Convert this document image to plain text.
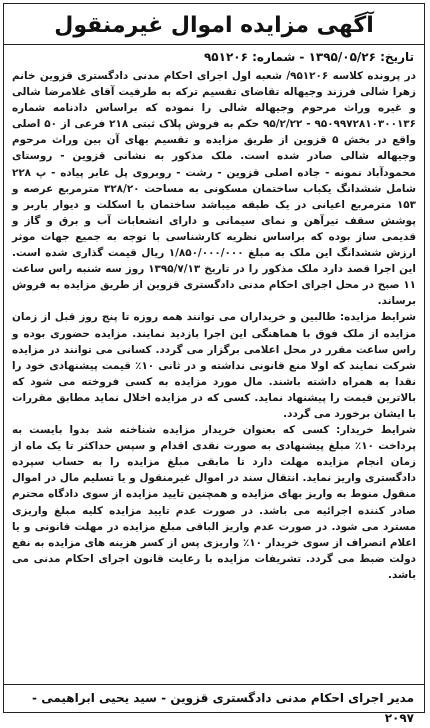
آگهی مزایده اموال غیرمنقول
تاریخ: ۱۳۹۵/۰۵/۲۶ - شماره: ۹۵۱۲۰۶

در پرونده کلاسه ۹۵۱۲۰۶/ شعبه اول اجرای احکام مدنی دادگستری قزوین خانم زهرا شالی فرزند وجیهاله تقاضای تقسیم ترکه به طرفیت آقای غلامرضا شالی و غیره وراث مرحوم وجیهاله شالی را نموده که براساس دادنامه شماره ۹۵۰۹۹۷۲۸۱۰۳۰۰۱۳۶ - ۹۵/۲/۲۲ حکم به فروش پلاک ثبتی ۲۱۸ فرعی از ۵۰ اصلی واقع در بخش ۵ قزوین از طریق مزایده و تقسیم بهای آن بین وراث مرحوم وجیهاله شالی صادر شده است. ملک مذکور به نشانی قزوین - روستای محمودآباد نمونه - جاده اصلی قزوین - رشت - روبروی پل عابر پیاده - پ ۲۲۸ شامل ششدانگ یکباب ساختمان مسکونی به مساحت ۳۲۸/۲۰ مترمربع عرصه و ۱۵۳ مترمربع اعیانی در یک طبقه میباشد ساختمان با اسکلت و دیوار باربر و پوشش سقف تیرآهن و نمای سیمانی و دارای انشعابات آب و برق و گاز و قدیمی ساز بوده که براساس نظریه کارشناسی با توجه به جمیع جهات موثر ارزش ششدانگ این ملک به مبلغ ۱/۸۵۰/۰۰۰/۰۰۰ ریال قیمت گذاری شده است. این اجرا قصد دارد ملک مذکور را در تاریخ ۱۳۹۵/۷/۱۳ روز سه شنبه راس ساعت ۱۱ صبح در محل اجرای احکام مدنی دادگستری قزوین از طریق مزایده به فروش برساند.

شرایط مزایده: طالبین و خریداران می توانند همه روزه تا پنج روز قبل از زمان مزایده از ملک فوق با هماهنگی این اجرا بازدید نمایند. مزایده حضوری بوده و راس ساعت مقرر در محل اعلامی برگزار می گردد. کسانی می توانند در مزایده شرکت نمایند که اولا منع قانونی نداشته و در ثانی ۱۰٪ قیمت پیشنهادی خود را نقدا به همراه داشته باشند. مال مورد مزایده به کسی فروخته می شود که بالاترین قیمت را پیشنهاد نماید. کسی که در مزایده اخلال نماید مطابق مقررات با ایشان برخورد می گردد.

شرایط خریدار: کسی که بعنوان خریدار مزایده شناخته شد بدوا بایست به پرداخت ۱۰٪ مبلغ پیشنهادی به صورت نقدی اقدام و سپس حداکثر تا یک ماه از زمان انجام مزایده مهلت دارد تا مابقی مبلغ مزایده را به حساب سپرده دادگستری واریز نماید. انتقال سند در اموال غیرمنقول و یا تسلیم مال در اموال منقول منوط به واریز بهای مزایده و همچنین تایید مزایده از سوی دادگاه محترم صادر کننده اجرائیه می باشد. در صورت عدم تایید مزایده کلیه مبلغ واریزی مسترد می شود. در صورت عدم واریز الباقی مبلغ مزایده در مهلت قانونی و یا اعلام انصراف از سوی خریدار ۱۰٪ واریزی پس از کسر هزینه های مزایده به نفع دولت ضبط می گردد. تشریفات مزایده با رعایت قانون اجرای احکام مدنی می باشد.

مدیر اجرای احکام مدنی دادگستری قزوین - سید یحیی ابراهیمی - ۲۰۹۷
